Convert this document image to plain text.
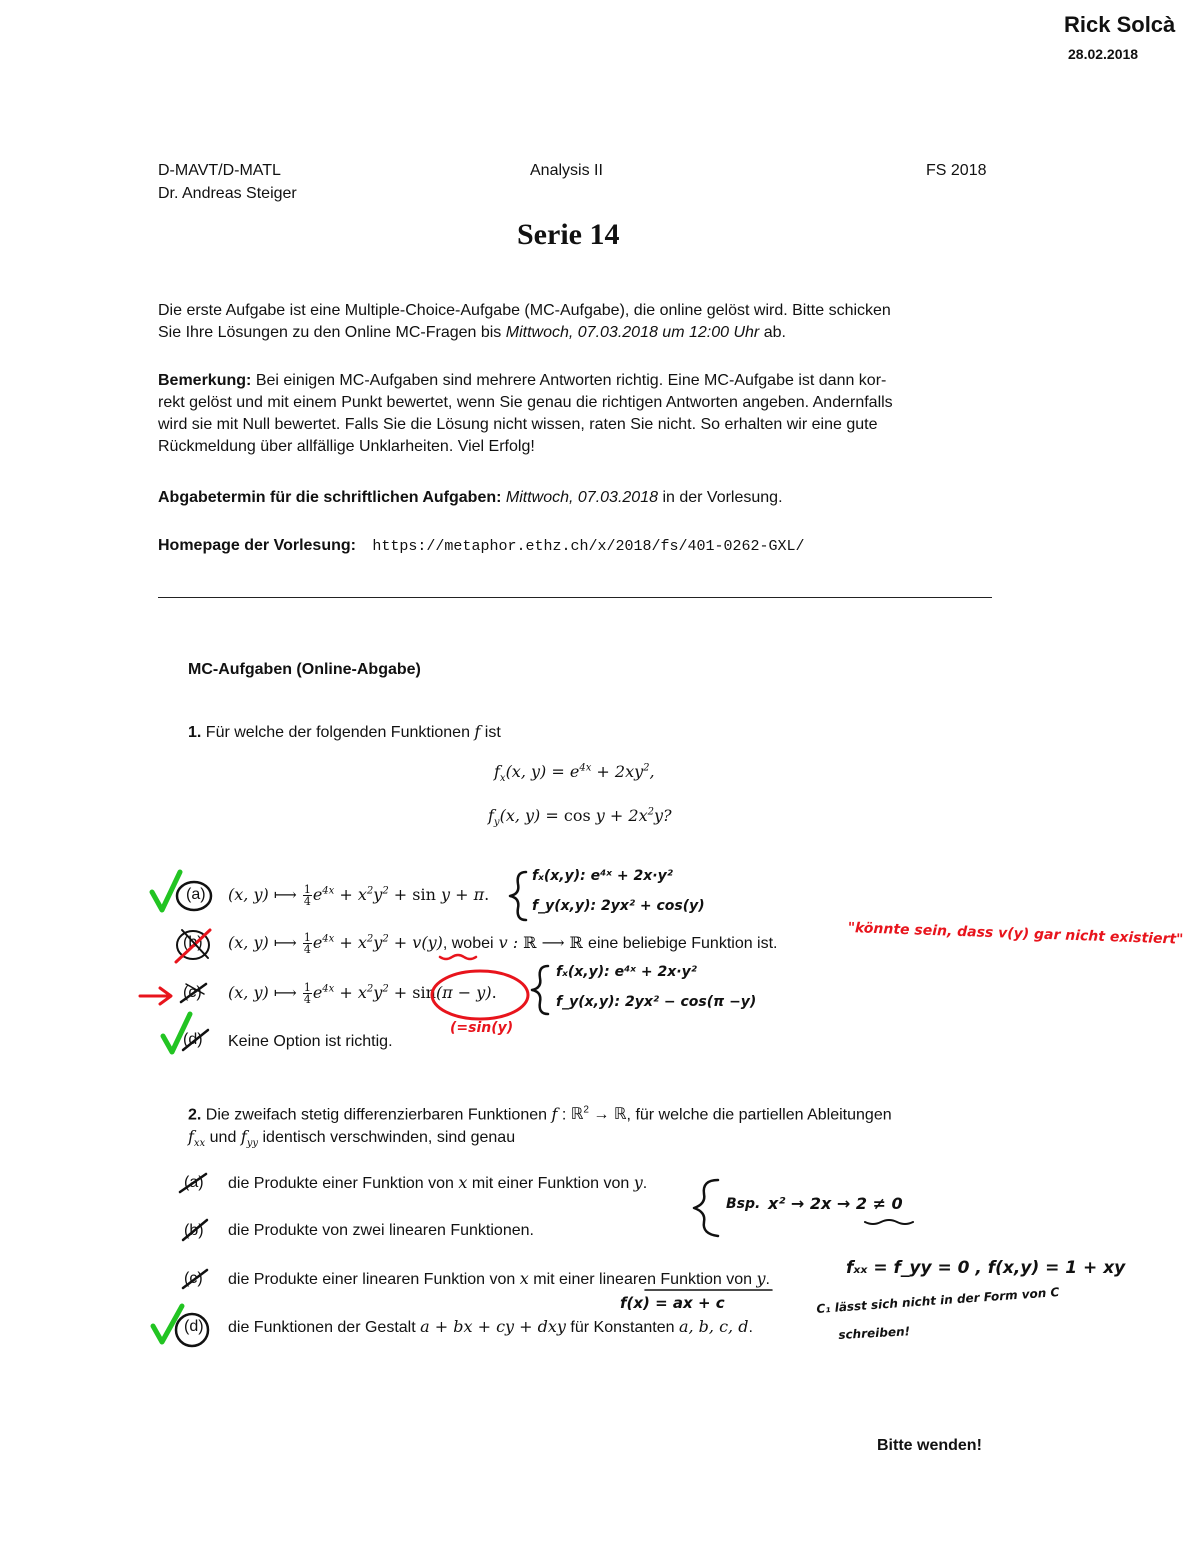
Rick Solcà
28.02.2018
D-MAVT/D-MATL
Dr. Andreas Steiger
Analysis II	FS 2018
Serie 14
Die erste Aufgabe ist eine Multiple-Choice-Aufgabe (MC-Aufgabe), die online gelöst wird. Bitte schicken
Sie Ihre Lösungen zu den Online MC-Fragen bis Mittwoch, 07.03.2018 um 12:00 Uhr ab.
Bemerkung: Bei einigen MC-Aufgaben sind mehrere Antworten richtig. Eine MC-Aufgabe ist dann kor-
rekt gelöst und mit einem Punkt bewertet, wenn Sie genau die richtigen Antworten angeben. Andernfalls
wird sie mit Null bewertet. Falls Sie die Lösung nicht wissen, raten Sie nicht. So erhalten wir eine gute
Rückmeldung über allfällige Unklarheiten. Viel Erfolg!
Abgabetermin für die schriftlichen Aufgaben: Mittwoch, 07.03.2018 in der Vorlesung.
Homepage der Vorlesung: https://metaphor.ethz.ch/x/2018/fs/401-0262-GXL/
MC-Aufgaben (Online-Abgabe)
1. Für welche der folgenden Funktionen f ist
$f_x(x$, $y) = e^{4x} + 2xy^2$,
$f_y(x$, $y) = \cos y + 2x^2y$?
(a) (x, y) ⟼ $\frac{1}{4} e^{4x} + x^2y^2 + \sin y + \pi$.
(b) (x, y) ⟼ $\frac{1}{4} e^{4x} + x^2y^2 + v(y)$, wobei v : ℝ ⟶ ℝ eine beliebige Funktion ist.
(c) (x, y) ⟼ $\frac{1}{4} e^{4x} + x^2y^2 + \sin(\pi - y)$.
(d) Keine Option ist richtig.
2. Die zweifach stetig differenzierbaren Funktionen f : ℝ$^2$ → ℝ, für welche die partiellen Ableitungen
$f_{xx}$ und $f_{yy}$ identisch verschwinden, sind genau
(a) die Produkte einer Funktion von x mit einer Funktion von y.
(b) die Produkte von zwei linearen Funktionen.
(c) die Produkte einer linearen Funktion von x mit einer linearen Funktion von y.
(d) die Funktionen der Gestalt a + bx + cy + dxy für Konstanten a, b, c, d.
Bitte wenden!
fₓ(x,y): e⁴ˣ + 2x·y²
f_y(x,y): 2yx² + cos(y)
"könnte sein, dass v(y) gar nicht existiert"
fₓ(x,y): e⁴ˣ + 2x·y²
f_y(x,y): 2yx² − cos(π −y)
(=sin(y)
Bsp. x² → 2x → 2 ≠ 0
fₓₓ = f_yy = 0 , f(x,y) = 1 + xy
f(x) = ax + c	C₁ lässt sich nicht in der Form von C
schreiben!
